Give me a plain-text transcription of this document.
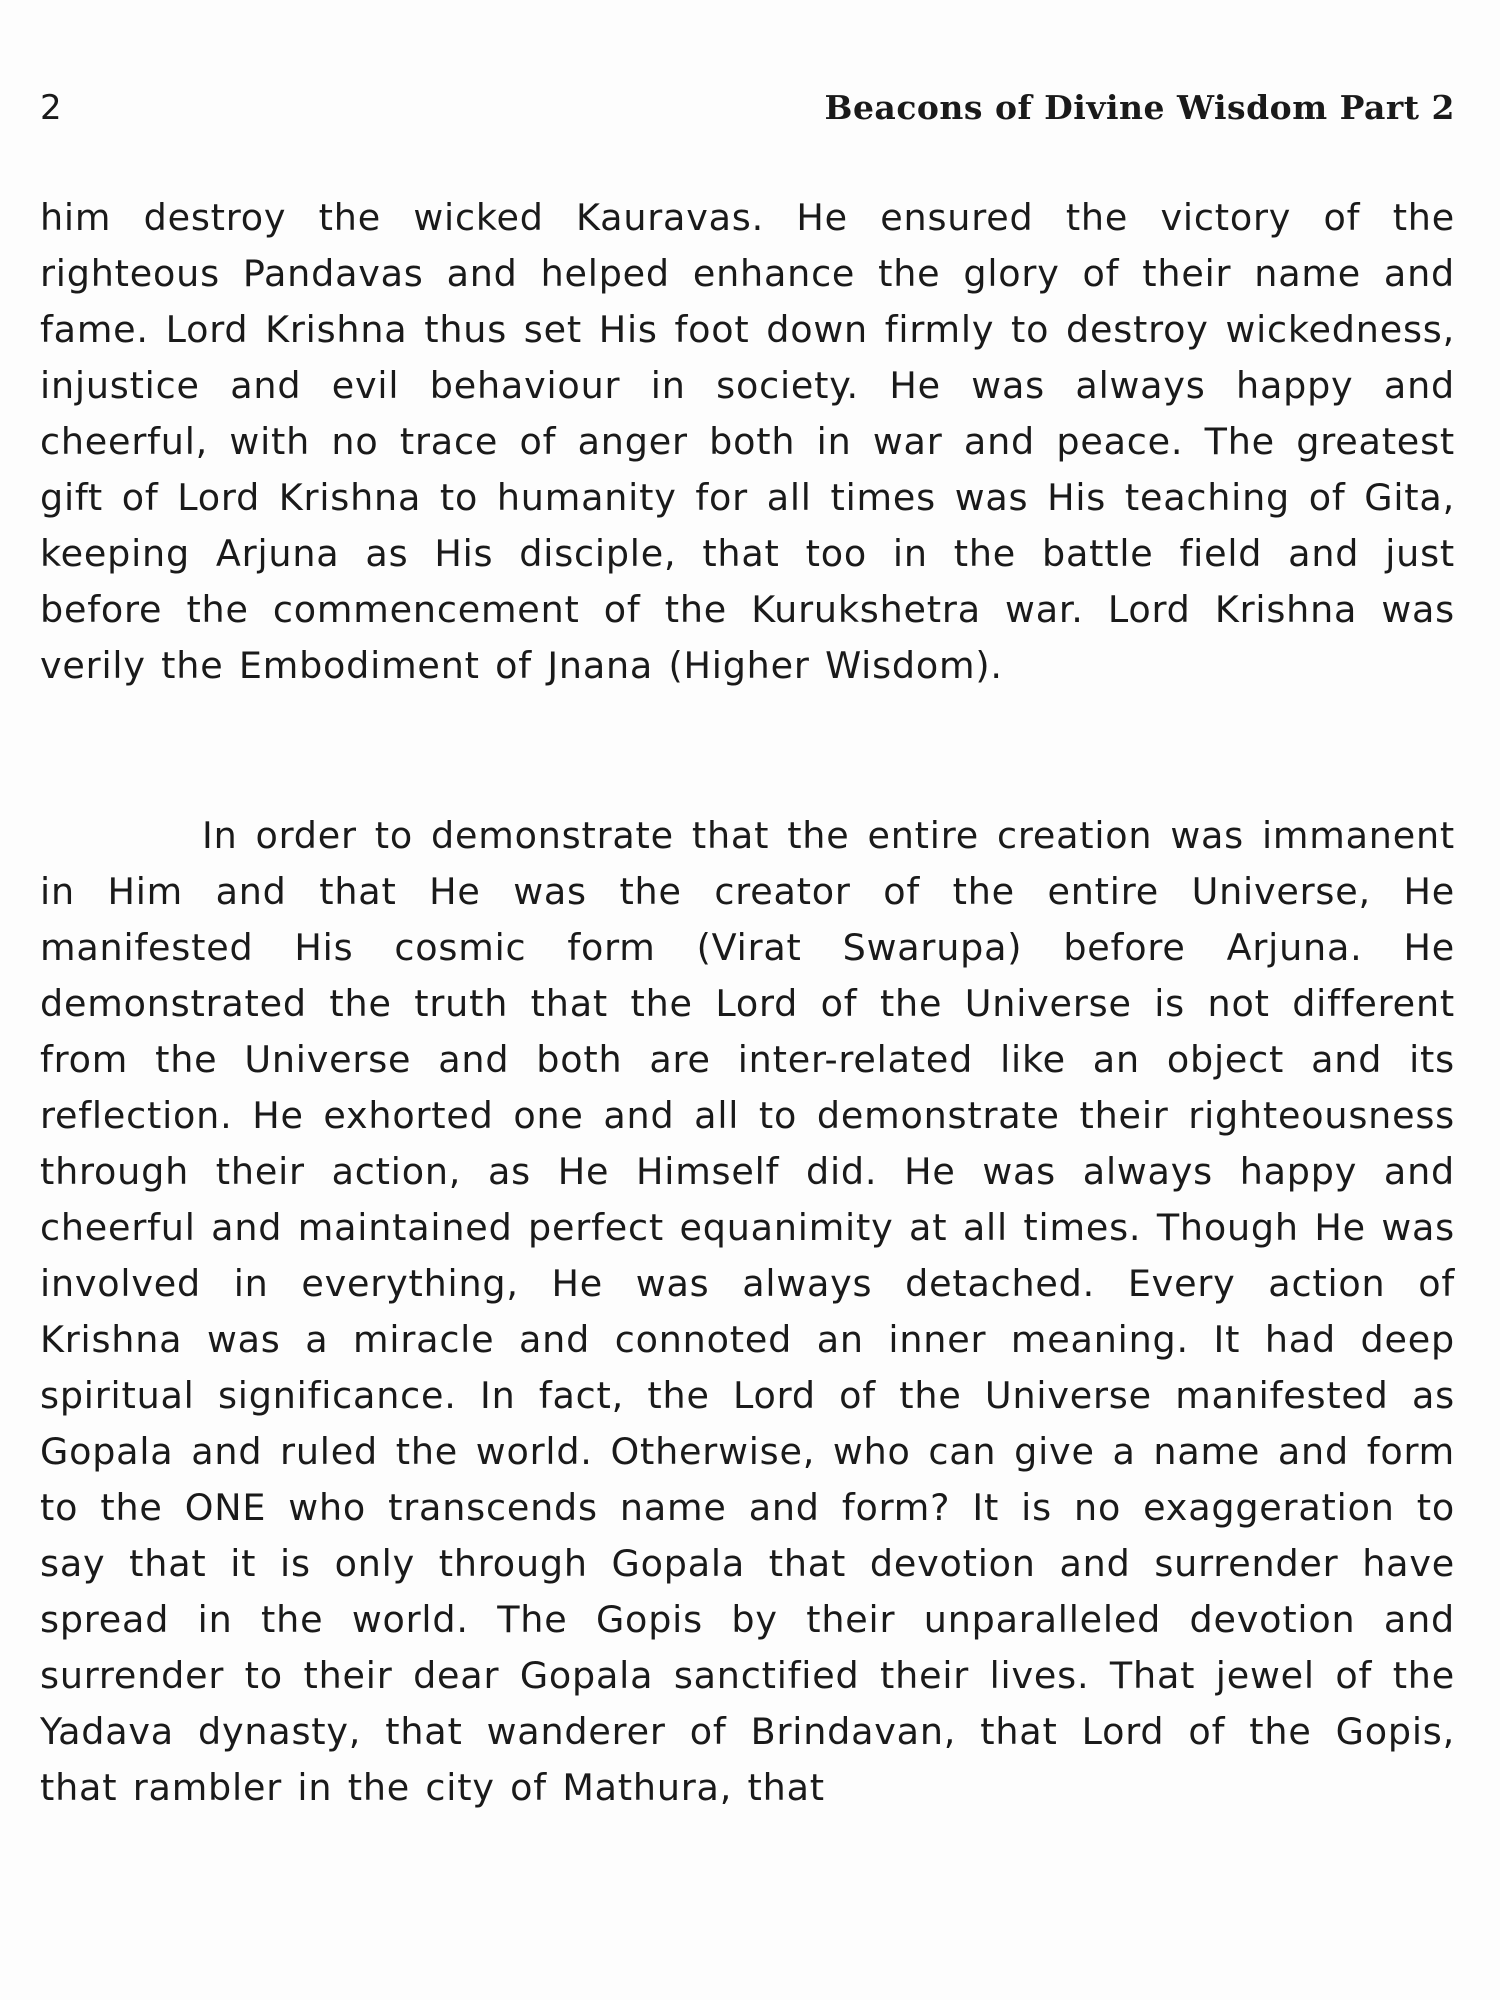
2	Beacons of Divine Wisdom Part 2

him destroy the wicked Kauravas. He ensured the victory of the righteous Pandavas and helped enhance the glory of their name and fame. Lord Krishna thus set His foot down firmly to destroy wickedness, injustice and evil behaviour in society. He was always happy and cheerful, with no trace of anger both in war and peace. The greatest gift of Lord Krishna to humanity for all times was His teaching of Gita, keeping Arjuna as His disciple, that too in the battle field and just before the commencement of the Kurukshetra war. Lord Krishna was verily the Embodiment of Jnana (Higher Wisdom).

In order to demonstrate that the entire creation was immanent in Him and that He was the creator of the entire Universe, He manifested His cosmic form (Virat Swarupa) before Arjuna. He demonstrated the truth that the Lord of the Universe is not different from the Universe and both are inter-related like an object and its reflection. He exhorted one and all to demonstrate their righteousness through their action, as He Himself did. He was always happy and cheerful and maintained perfect equanimity at all times. Though He was involved in everything, He was always detached. Every action of Krishna was a miracle and connoted an inner meaning. It had deep spiritual significance. In fact, the Lord of the Universe manifested as Gopala and ruled the world. Otherwise, who can give a name and form to the ONE who transcends name and form? It is no exaggeration to say that it is only through Gopala that devotion and surrender have spread in the world. The Gopis by their unparalleled devotion and surrender to their dear Gopala sanctified their lives. That jewel of the Yadava dynasty, that wanderer of Brindavan, that Lord of the Gopis, that rambler in the city of Mathura, that
